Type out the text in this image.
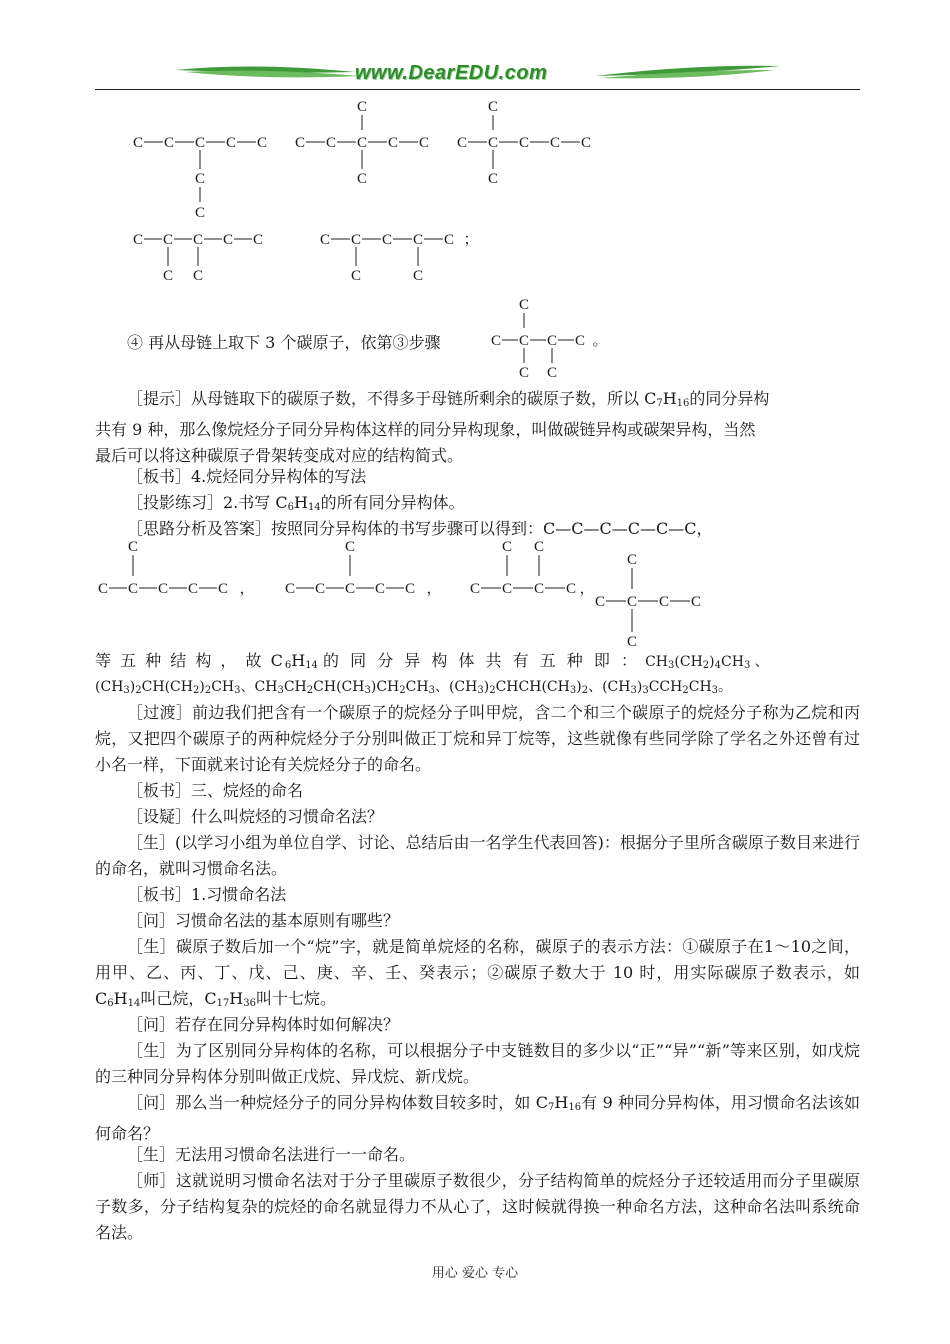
www.DearEDU.com
C C C C C
C
C
C C C C C
C
C
C C C C C
C
C
C C C C C
C C
C C C C C
C	C
；

④ 再从母链上取下 3 个碳原子，依第③步骤	C C C C
C
C C
。

［提示］从母链取下的碳原子数，不得多于母链所剩余的碳原子数，所以 C7H16的同分异构
共有 9 种，那么像烷烃分子同分异构体这样的同分异构现象，叫做碳链异构或碳架异构，当然
最后可以将这种碳原子骨架转变成对应的结构简式。

［板书］4.烷烃同分异构体的写法

［投影练习］2.书写 C6H14的所有同分异构体。

［思路分析及答案］按照同分异构体的书写步骤可以得到：C—C—C—C—C—C，

C C C C C
C
， C C C C C
C
， C C C C
C C
，
C C C C
C
C

等 五 种 结 构 ， 故 C6H14 的 同 分 异 构 体 共 有 五 种 即 ： CH3(CH2)4CH3 、

(CH3)2CH(CH2)2CH3、CH3CH2CH(CH3)CH2CH3、(CH3)2CHCH(CH3)2、(CH3)3CCH2CH3。

［过渡］前边我们把含有一个碳原子的烷烃分子叫甲烷，含二个和三个碳原子的烷烃分子称为乙烷和丙烷，又把四个碳原子的两种烷烃分子分别叫做正丁烷和异丁烷等，这些就像有些同学除了学名之外还曾有过小名一样，下面就来讨论有关烷烃分子的命名。

［板书］三、烷烃的命名

［设疑］什么叫烷烃的习惯命名法？

［生］(以学习小组为单位自学、讨论、总结后由一名学生代表回答)：根据分子里所含碳原子数目来进行的命名，就叫习惯命名法。

［板书］1.习惯命名法

［问］习惯命名法的基本原则有哪些？

［生］碳原子数后加一个“烷”字，就是简单烷烃的名称，碳原子的表示方法：①碳原子在1～10之间，用甲、乙、丙、丁、戊、己、庚、辛、壬、癸表示；②碳原子数大于 10 时，用实际碳原子数表示，如 C6H14叫己烷，C17H36叫十七烷。

［问］若存在同分异构体时如何解决？

［生］为了区别同分异构体的名称，可以根据分子中支链数目的多少以“正”“异”“新”等来区别，如戊烷的三种同分异构体分别叫做正戊烷、异戊烷、新戊烷。

［问］那么当一种烷烃分子的同分异构体数目较多时，如 C7H16有 9 种同分异构体，用习惯命名法该如何命名？

［生］无法用习惯命名法进行一一命名。

［师］这就说明习惯命名法对于分子里碳原子数很少，分子结构简单的烷烃分子还较适用而分子里碳原子数多，分子结构复杂的烷烃的命名就显得力不从心了，这时候就得换一种命名方法，这种命名法叫系统命名法。

用心 爱心 专心
